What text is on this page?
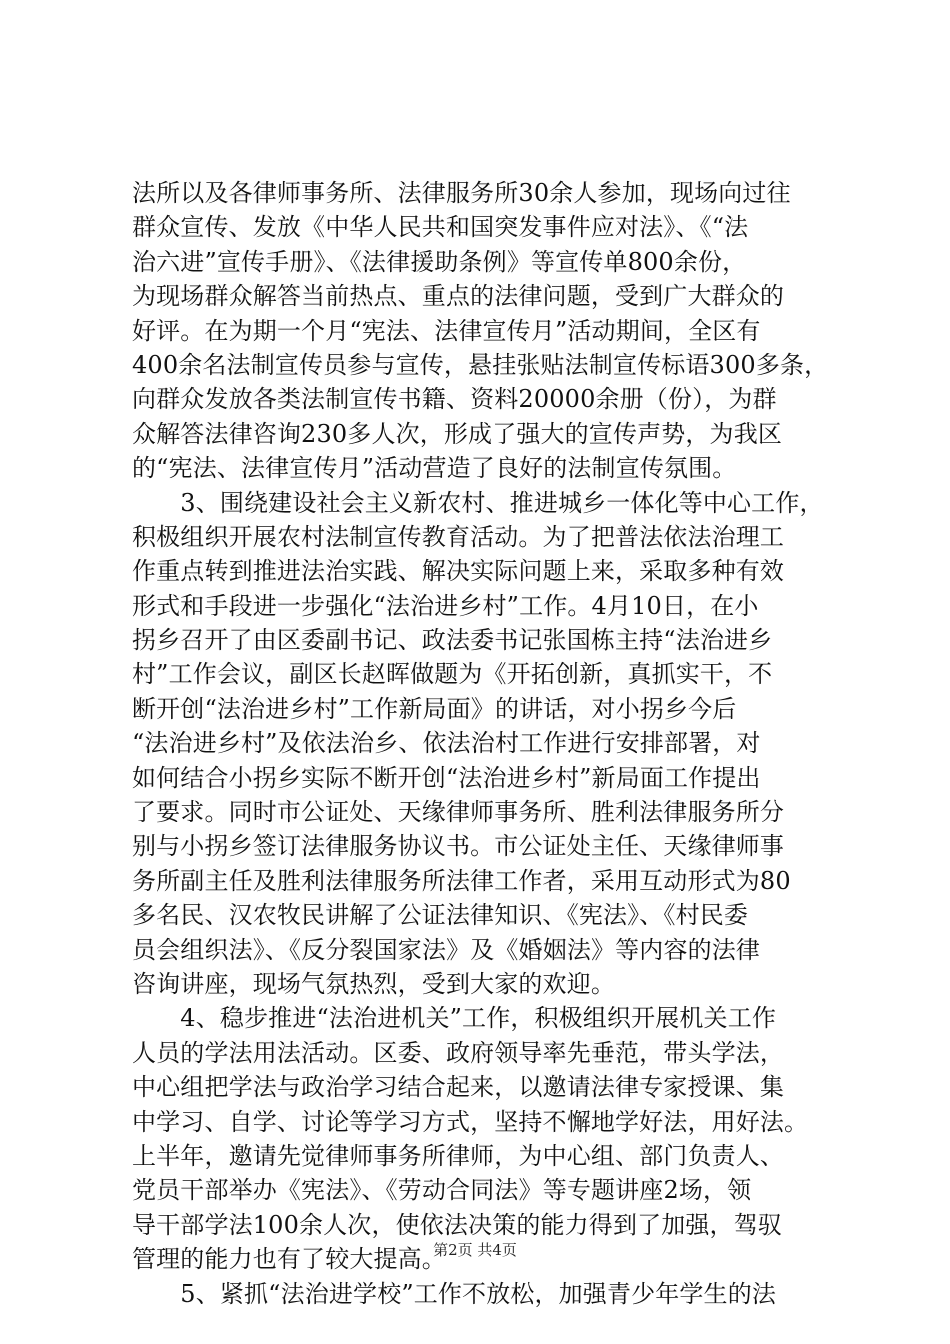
法所以及各律师事务所、法律服务所30余人参加，现场向过往
群众宣传、发放《中华人民共和国突发事件应对法》、《“法
治六进”宣传手册》、《法律援助条例》等宣传单800余份，
为现场群众解答当前热点、重点的法律问题，受到广大群众的
好评。在为期一个月“宪法、法律宣传月”活动期间，全区有
400余名法制宣传员参与宣传，悬挂张贴法制宣传标语300多条，
向群众发放各类法制宣传书籍、资料20000余册（份），为群
众解答法律咨询230多人次，形成了强大的宣传声势，为我区
的“宪法、法律宣传月”活动营造了良好的法制宣传氛围。
　　3、围绕建设社会主义新农村、推进城乡一体化等中心工作，
积极组织开展农村法制宣传教育活动。为了把普法依法治理工
作重点转到推进法治实践、解决实际问题上来，采取多种有效
形式和手段进一步强化“法治进乡村”工作。4月10日，在小
拐乡召开了由区委副书记、政法委书记张国栋主持“法治进乡
村”工作会议，副区长赵晖做题为《开拓创新，真抓实干，不
断开创“法治进乡村”工作新局面》的讲话，对小拐乡今后
“法治进乡村”及依法治乡、依法治村工作进行安排部署，对
如何结合小拐乡实际不断开创“法治进乡村”新局面工作提出
了要求。同时市公证处、天缘律师事务所、胜利法律服务所分
别与小拐乡签订法律服务协议书。市公证处主任、天缘律师事
务所副主任及胜利法律服务所法律工作者，采用互动形式为80
多名民、汉农牧民讲解了公证法律知识、《宪法》、《村民委
员会组织法》、《反分裂国家法》及《婚姻法》等内容的法律
咨询讲座，现场气氛热烈，受到大家的欢迎。
　　4、稳步推进“法治进机关”工作，积极组织开展机关工作
人员的学法用法活动。区委、政府领导率先垂范，带头学法，
中心组把学法与政治学习结合起来，以邀请法律专家授课、集
中学习、自学、讨论等学习方式，坚持不懈地学好法，用好法。
上半年，邀请先觉律师事务所律师，为中心组、部门负责人、
党员干部举办《宪法》、《劳动合同法》等专题讲座2场，领
导干部学法100余人次，使依法决策的能力得到了加强，驾驭
管理的能力也有了较大提高。
　　5、紧抓“法治进学校”工作不放松，加强青少年学生的法
第2页 共4页
